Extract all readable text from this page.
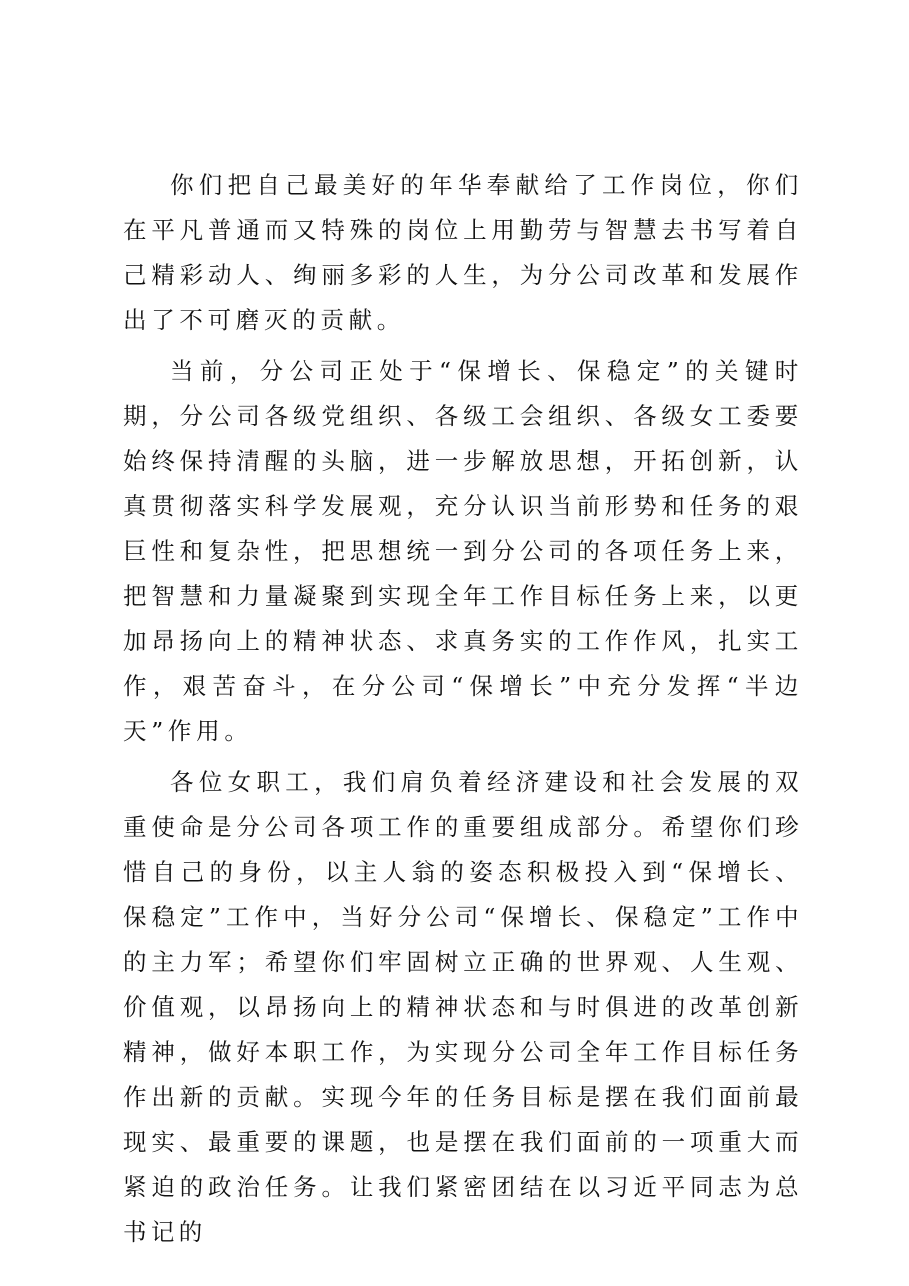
你们把自己最美好的年华奉献给了工作岗位，你们在平凡普通而又特殊的岗位上用勤劳与智慧去书写着自己精彩动人、绚丽多彩的人生，为分公司改革和发展作出了不可磨灭的贡献。

当前，分公司正处于“保增长、保稳定”的关键时期，分公司各级党组织、各级工会组织、各级女工委要始终保持清醒的头脑，进一步解放思想，开拓创新，认真贯彻落实科学发展观，充分认识当前形势和任务的艰巨性和复杂性，把思想统一到分公司的各项任务上来，把智慧和力量凝聚到实现全年工作目标任务上来，以更加昂扬向上的精神状态、求真务实的工作作风，扎实工作，艰苦奋斗，在分公司“保增长”中充分发挥“半边天”作用。

各位女职工，我们肩负着经济建设和社会发展的双重使命是分公司各项工作的重要组成部分。希望你们珍惜自己的身份，以主人翁的姿态积极投入到“保增长、保稳定”工作中，当好分公司“保增长、保稳定”工作中的主力军；希望你们牢固树立正确的世界观、人生观、价值观，以昂扬向上的精神状态和与时俱进的改革创新精神，做好本职工作，为实现分公司全年工作目标任务作出新的贡献。实现今年的任务目标是摆在我们面前最现实、最重要的课题，也是摆在我们面前的一项重大而紧迫的政治任务。让我们紧密团结在以习近平同志为总书记的
